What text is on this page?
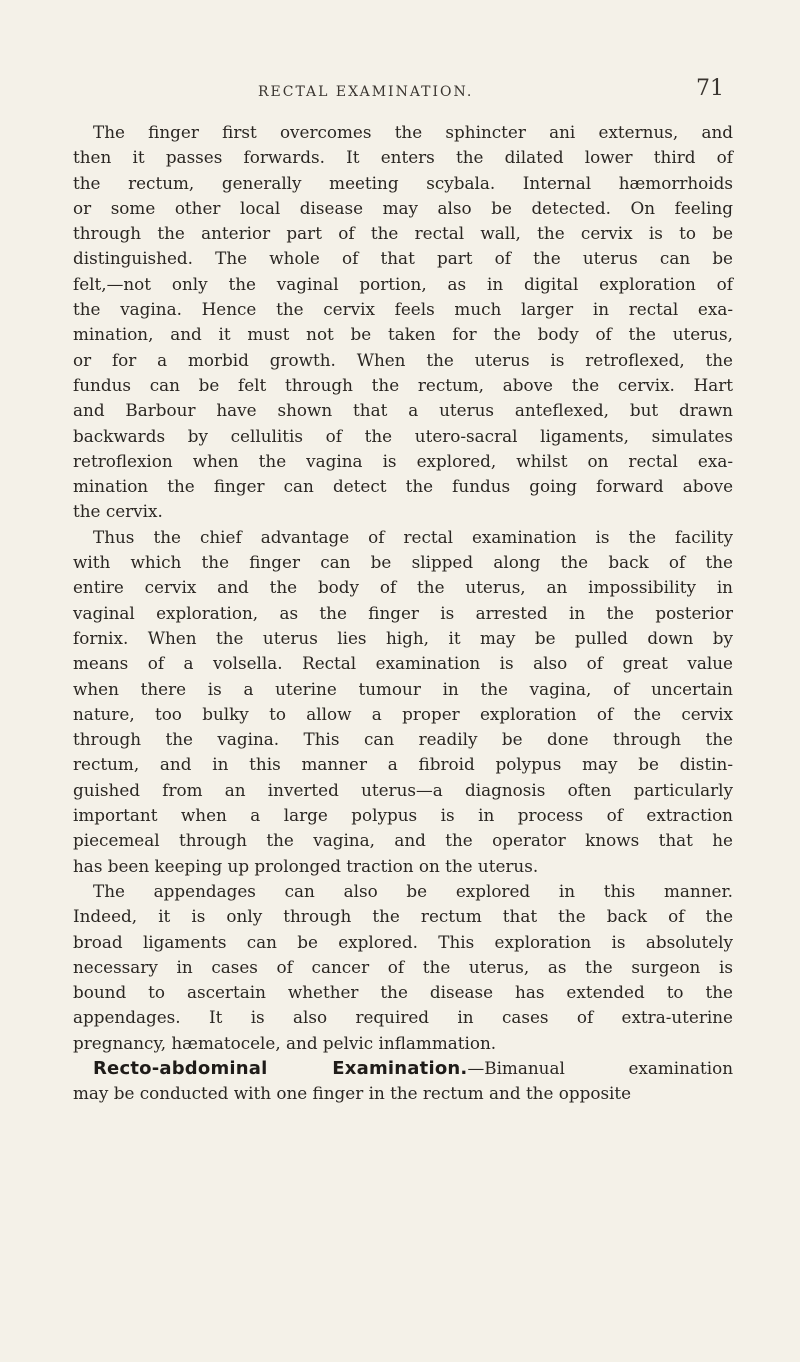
RECTAL EXAMINATION.	71
The finger first overcomes the sphincter ani externus, and
then it passes forwards. It enters the dilated lower third of
the rectum, generally meeting scybala. Internal hæmorrhoids
or some other local disease may also be detected. On feeling
through the anterior part of the rectal wall, the cervix is to be
distinguished. The whole of that part of the uterus can be
felt,—not only the vaginal portion, as in digital exploration of
the vagina. Hence the cervix feels much larger in rectal exa-
mination, and it must not be taken for the body of the uterus,
or for a morbid growth. When the uterus is retroflexed, the
fundus can be felt through the rectum, above the cervix. Hart
and Barbour have shown that a uterus anteflexed, but drawn
backwards by cellulitis of the utero-sacral ligaments, simulates
retroflexion when the vagina is explored, whilst on rectal exa-
mination the finger can detect the fundus going forward above
the cervix.
Thus the chief advantage of rectal examination is the facility
with which the finger can be slipped along the back of the
entire cervix and the body of the uterus, an impossibility in
vaginal exploration, as the finger is arrested in the posterior
fornix. When the uterus lies high, it may be pulled down by
means of a volsella. Rectal examination is also of great value
when there is a uterine tumour in the vagina, of uncertain
nature, too bulky to allow a proper exploration of the cervix
through the vagina. This can readily be done through the
rectum, and in this manner a fibroid polypus may be distin-
guished from an inverted uterus—a diagnosis often particularly
important when a large polypus is in process of extraction
piecemeal through the vagina, and the operator knows that he
has been keeping up prolonged traction on the uterus.
The appendages can also be explored in this manner.
Indeed, it is only through the rectum that the back of the
broad ligaments can be explored. This exploration is absolutely
necessary in cases of cancer of the uterus, as the surgeon is
bound to ascertain whether the disease has extended to the
appendages. It is also required in cases of extra-uterine
pregnancy, hæmatocele, and pelvic inflammation.
Recto-abdominal Examination.—Bimanual examination
may be conducted with one finger in the rectum and the opposite
